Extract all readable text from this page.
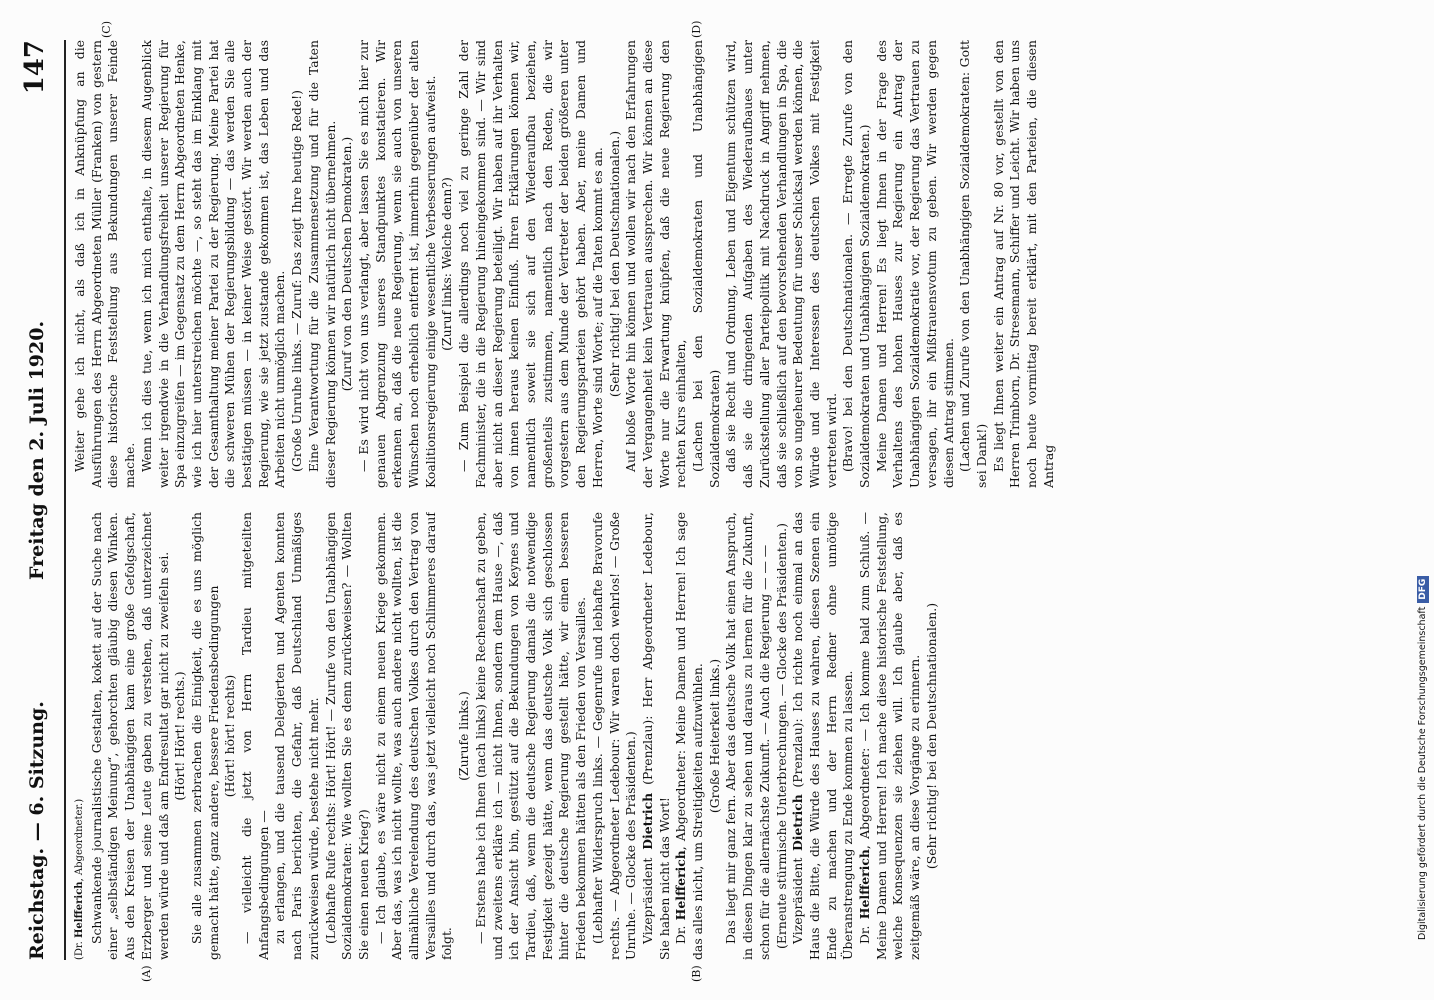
Reichstag. — 6. Sitzung.
Freitag den 2. Juli 1920.
147
(A)	(B)
(C)	(D)

(Dr. Helfferich, Abgeordneter.) Schwankende journalistische Gestalten, kokett auf der Suche nach einer „selbständigen Meinung“, gehorchten gläubig diesen Winken. Aus den Kreisen der Unabhängigen kam eine große Gefolgschaft, Erzberger und seine Leute gaben zu verstehen, daß unterzeichnet werden würde und daß am Endresultat gar nicht zu zweifeln sei. (Hört! Hört! rechts.) Sie alle zusammen zerbrachen die Einigkeit, die es uns möglich gemacht hätte, ganz andere, bessere Friedensbedingungen (Hört! hört! rechts) — vielleicht die jetzt von Herrn Tardieu mitgeteilten Anfangsbedingungen — zu erlangen, und die tausend Delegierten und Agenten konnten nach Paris berichten, die Gefahr, daß Deutschland Unmäßiges zurückweisen würde, bestehe nicht mehr. (Lebhafte Rufe rechts: Hört! Hört! — Zurufe von den Unabhängigen Sozialdemokraten: Wie wollten Sie es denn zurückweisen? — Wollten Sie einen neuen Krieg?) — Ich glaube, es wäre nicht zu einem neuen Kriege gekommen. Aber das, was ich nicht wollte, was auch andere nicht wollten, ist die allmähliche Verelendung des deutschen Volkes durch den Vertrag von Versailles und durch das, was jetzt vielleicht noch Schlimmeres darauf folgt.

(Zurufe links.) — Erstens habe ich Ihnen (nach links) keine Rechenschaft zu geben, und zweitens erkläre ich — nicht Ihnen, sondern dem Hause —, daß ich der Ansicht bin, gestützt auf die Bekundungen von Keynes und Tardieu, daß, wenn die deutsche Regierung damals die notwendige Festigkeit gezeigt hätte, wenn das deutsche Volk sich geschlossen hinter die deutsche Regierung gestellt hätte, wir einen besseren Frieden bekommen hätten als den Frieden von Versailles. (Lebhafter Widerspruch links. — Gegenrufe und lebhafte Bravorufe rechts. — Abgeordneter Ledebour: Wir waren doch wehrlos! — Große Unruhe. — Glocke des Präsidenten.) Vizepräsident Dietrich (Prenzlau): Herr Abgeordneter Ledebour, Sie haben nicht das Wort! Dr. Helfferich, Abgeordneter: Meine Damen und Herren! Ich sage das alles nicht, um Streitigkeiten aufzuwühlen. (Große Heiterkeit links.) Das liegt mir ganz fern. Aber das deutsche Volk hat einen Anspruch, in diesen Dingen klar zu sehen und daraus zu lernen für die Zukunft, schon für die allernächste Zukunft. — Auch die Regierung — — — (Erneute stürmische Unterbrechungen. — Glocke des Präsidenten.) Vizepräsident Dietrich (Prenzlau): Ich richte noch einmal an das Haus die Bitte, die Würde des Hauses zu wahren, diesen Szenen ein Ende zu machen und der Herrn Redner ohne unnötige Überanstrengung zu Ende kommen zu lassen. Dr. Helfferich, Abgeordneter: — Ich komme bald zum Schluß. — Meine Damen und Herren! Ich mache diese historische Feststellung, welche Konsequenzen sie ziehen will. Ich glaube aber, daß es zeitgemäß wäre, an diese Vorgänge zu erinnern. (Sehr richtig! bei den Deutschnationalen.)

Weiter gehe ich nicht, als daß ich in Anknüpfung an die Ausführungen des Herrn Abgeordneten Müller (Franken) von gestern diese historische Feststellung aus Bekundungen unserer Feinde mache. Wenn ich dies tue, wenn ich mich enthalte, in diesem Augenblick weiter irgendwie in die Verhandlungsfreiheit unserer Regierung für Spa einzugreifen — im Gegensatz zu dem Herrn Abgeordneten Henke, wie ich hier unterstreichen möchte —, so steht das im Einklang mit der Gesamthaltung meiner Partei zu der Regierung. Meine Partei hat die schweren Mühen der Regierungsbildung — das werden Sie alle bestätigen müssen — in keiner Weise gestört. Wir werden auch der Regierung, wie sie jetzt zustande gekommen ist, das Leben und das Arbeiten nicht unmöglich machen. (Große Unruhe links. — Zuruf: Das zeigt Ihre heutige Rede!) Eine Verantwortung für die Zusammensetzung und für die Taten dieser Regierung können wir natürlich nicht übernehmen. (Zuruf von den Deutschen Demokraten.) — Es wird nicht von uns verlangt, aber lassen Sie es mich hier zur genauen Abgrenzung unseres Standpunktes konstatieren. Wir erkennen an, daß die neue Regierung, wenn sie auch von unseren Wünschen noch erheblich entfernt ist, immerhin gegenüber der alten Koalitionsregierung einige wesentliche Verbesserungen aufweist. (Zuruf links: Welche denn?) — Zum Beispiel die allerdings noch viel zu geringe Zahl der Fachminister, die in die Regierung hineingekommen sind. — Wir sind aber nicht an dieser Regierung beteiligt. Wir haben auf ihr Verhalten von innen heraus keinen Einfluß. Ihren Erklärungen können wir, namentlich soweit sie sich auf den Wiederaufbau beziehen, großenteils zustimmen, namentlich nach den Reden, die wir vorgestern aus dem Munde der Vertreter der beiden größeren unter den Regierungsparteien gehört haben. Aber, meine Damen und Herren, Worte sind Worte; auf die Taten kommt es an. (Sehr richtig! bei den Deutschnationalen.) Auf bloße Worte hin können und wollen wir nach den Erfahrungen der Vergangenheit kein Vertrauen aussprechen. Wir können an diese Worte nur die Erwartung knüpfen, daß die neue Regierung den rechten Kurs einhalten, (Lachen bei den Sozialdemokraten und Unabhängigen Sozialdemokraten) daß sie Recht und Ordnung, Leben und Eigentum schützen wird, daß sie die dringenden Aufgaben des Wiederaufbaues unter Zurückstellung aller Parteipolitik mit Nachdruck in Angriff nehmen, daß sie schließlich auf den bevorstehenden Verhandlungen in Spa, die von so ungeheurer Bedeutung für unser Schicksal werden können, die Würde und die Interessen des deutschen Volkes mit Festigkeit vertreten wird. (Bravo! bei den Deutschnationalen. — Erregte Zurufe von den Sozialdemokraten und Unabhängigen Sozialdemokraten.) Meine Damen und Herren! Es liegt Ihnen in der Frage des Verhaltens des hohen Hauses zur Regierung ein Antrag der Unabhängigen Sozialdemokratie vor, der Regierung das Vertrauen zu versagen, ihr ein Mißtrauensvotum zu geben. Wir werden gegen diesen Antrag stimmen. (Lachen und Zurufe von den Unabhängigen Sozialdemokraten: Gott sei Dank!) Es liegt Ihnen weiter ein Antrag auf Nr. 80 vor, gestellt von den Herren Trimborn, Dr. Stresemann, Schiffer und Leicht. Wir haben uns noch heute vormittag bereit erklärt, mit den Parteien, die diesen Antrag

Digitalisierung gefördert durch die Deutsche ForschungsgemeinschaftDFG
